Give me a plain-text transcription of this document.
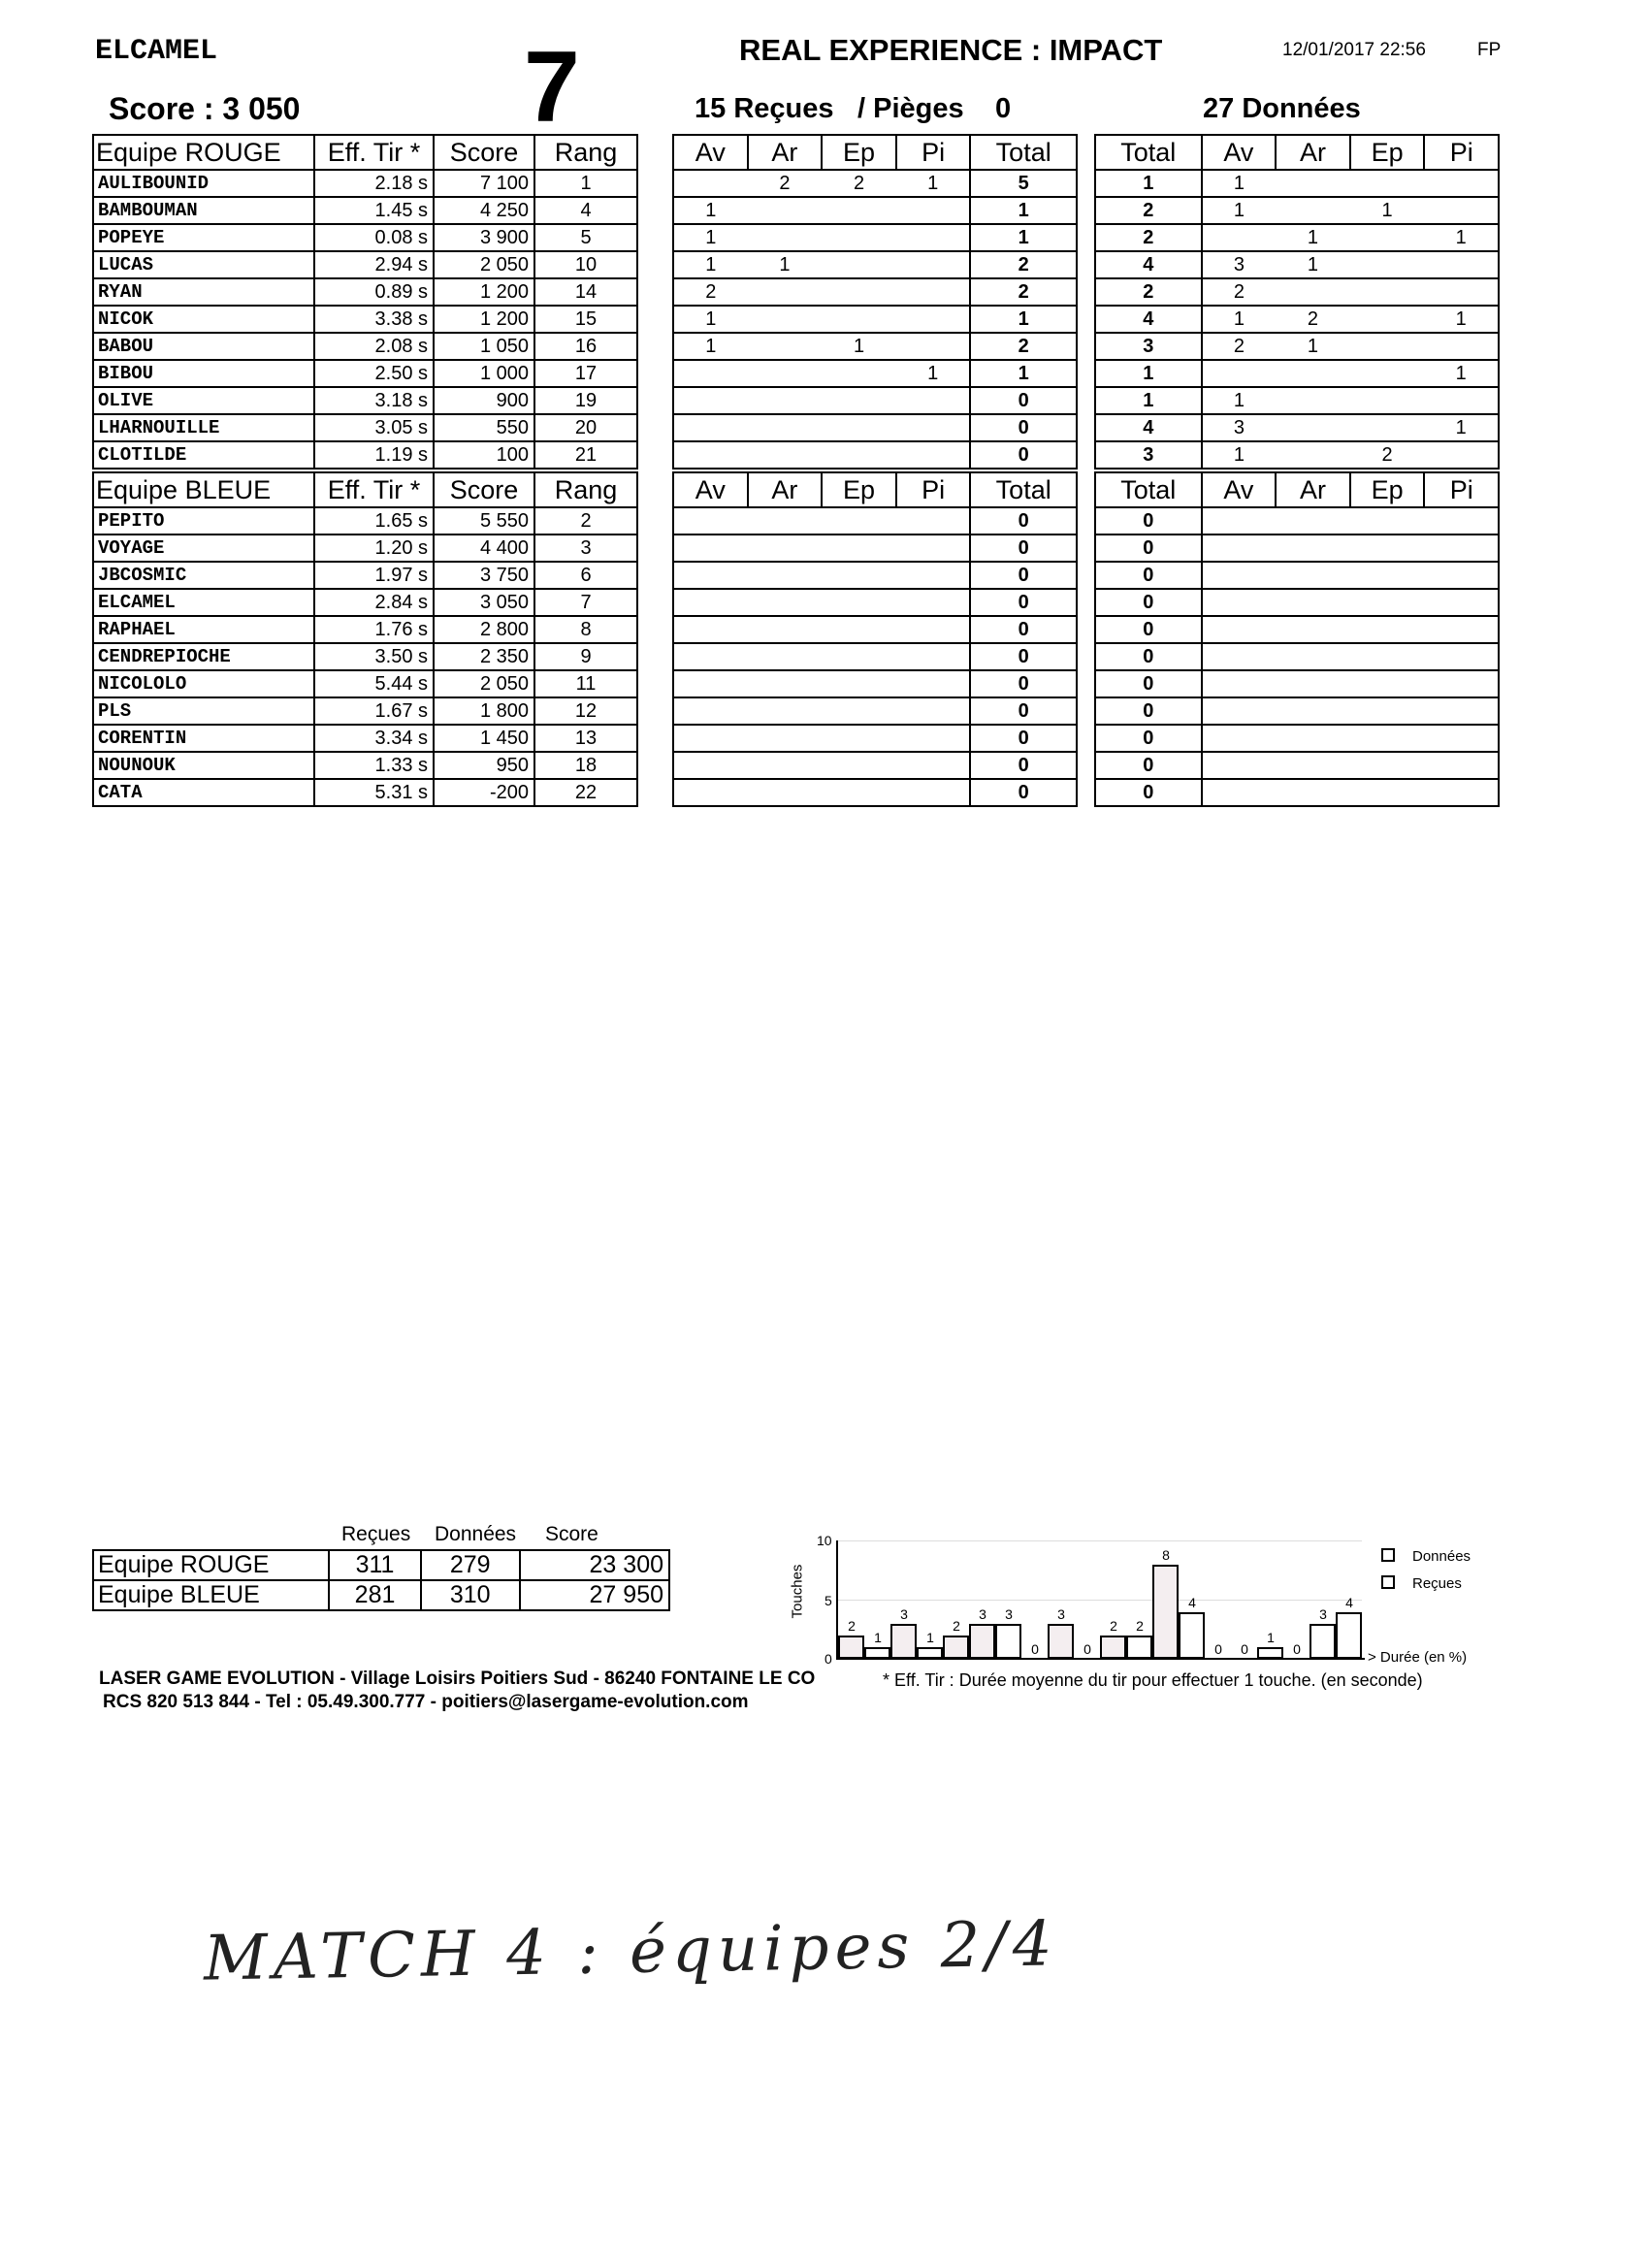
ELCAMEL	REAL EXPERIENCE : IMPACT	12/01/2017 22:56	FP
Score : 3 050 7	15 Reçues / Pièges 0	27 Données
Equipe ROUGE	Eff. Tir *	Score	Rang
AULIBOUNID	2.18 s	7 100	1
BAMBOUMAN	1.45 s	4 250	4
POPEYE	0.08 s	3 900	5
LUCAS	2.94 s	2 050	10
RYAN	0.89 s	1 200	14
NICOK	3.38 s	1 200	15
BABOU	2.08 s	1 050	16
BIBOU	2.50 s	1 000	17
OLIVE	3.18 s	900	19
LHARNOUILLE	3.05 s	550	20
CLOTILDE	1.19 s	100	21
Equipe BLEUE	Eff. Tir *	Score	Rang
PEPITO	1.65 s	5 550	2
VOYAGE	1.20 s	4 400	3
JBCOSMIC	1.97 s	3 750	6
ELCAMEL	2.84 s	3 050	7
RAPHAEL	1.76 s	2 800	8
CENDREPIOCHE	3.50 s	2 350	9
NICOLOLO	5.44 s	2 050	11
PLS	1.67 s	1 800	12
CORENTIN	3.34 s	1 450	13
NOUNOUK	1.33 s	950	18
CATA	5.31 s	-200	22
Av	Ar	Ep	Pi	Total
	2	2	1	5
1				1
1				1
1	1			2
2				2
1				1
1		1		2
			1	1
				0
				0
				0
Av	Ar	Ep	Pi	Total
				0
				0
				0
				0
				0
				0
				0
				0
				0
				0
				0
Total	Av	Ar	Ep	Pi
1	1			
2	1		1	
2		1		1
4	3	1		
2	2			
4	1	2		1
3	2	1		
1				1
1	1			
4	3			1
3	1		2	
Total	Av	Ar	Ep	Pi
0				
0				
0				
0				
0				
0				
0				
0				
0				
0				
0				
Reçues Données Score
Equipe ROUGE	311	279	23 300
Equipe BLEUE	281	310	27 950	Touches
10
5
0	> Durée (en %)
2
1
3
1
2
3	3
0
3
0
2	2
8
4
0	0
1
0
3
4
Données
Reçues
LASER GAME EVOLUTION - Village Loisirs Poitiers Sud - 86240 FONTAINE LE CO
RCS 820 513 844 - Tel : 05.49.300.777 - poitiers@lasergame-evolution.com
* Eff. Tir : Durée moyenne du tir pour effectuer 1 touche. (en seconde)
MATCH 4 : équipes 2/4
